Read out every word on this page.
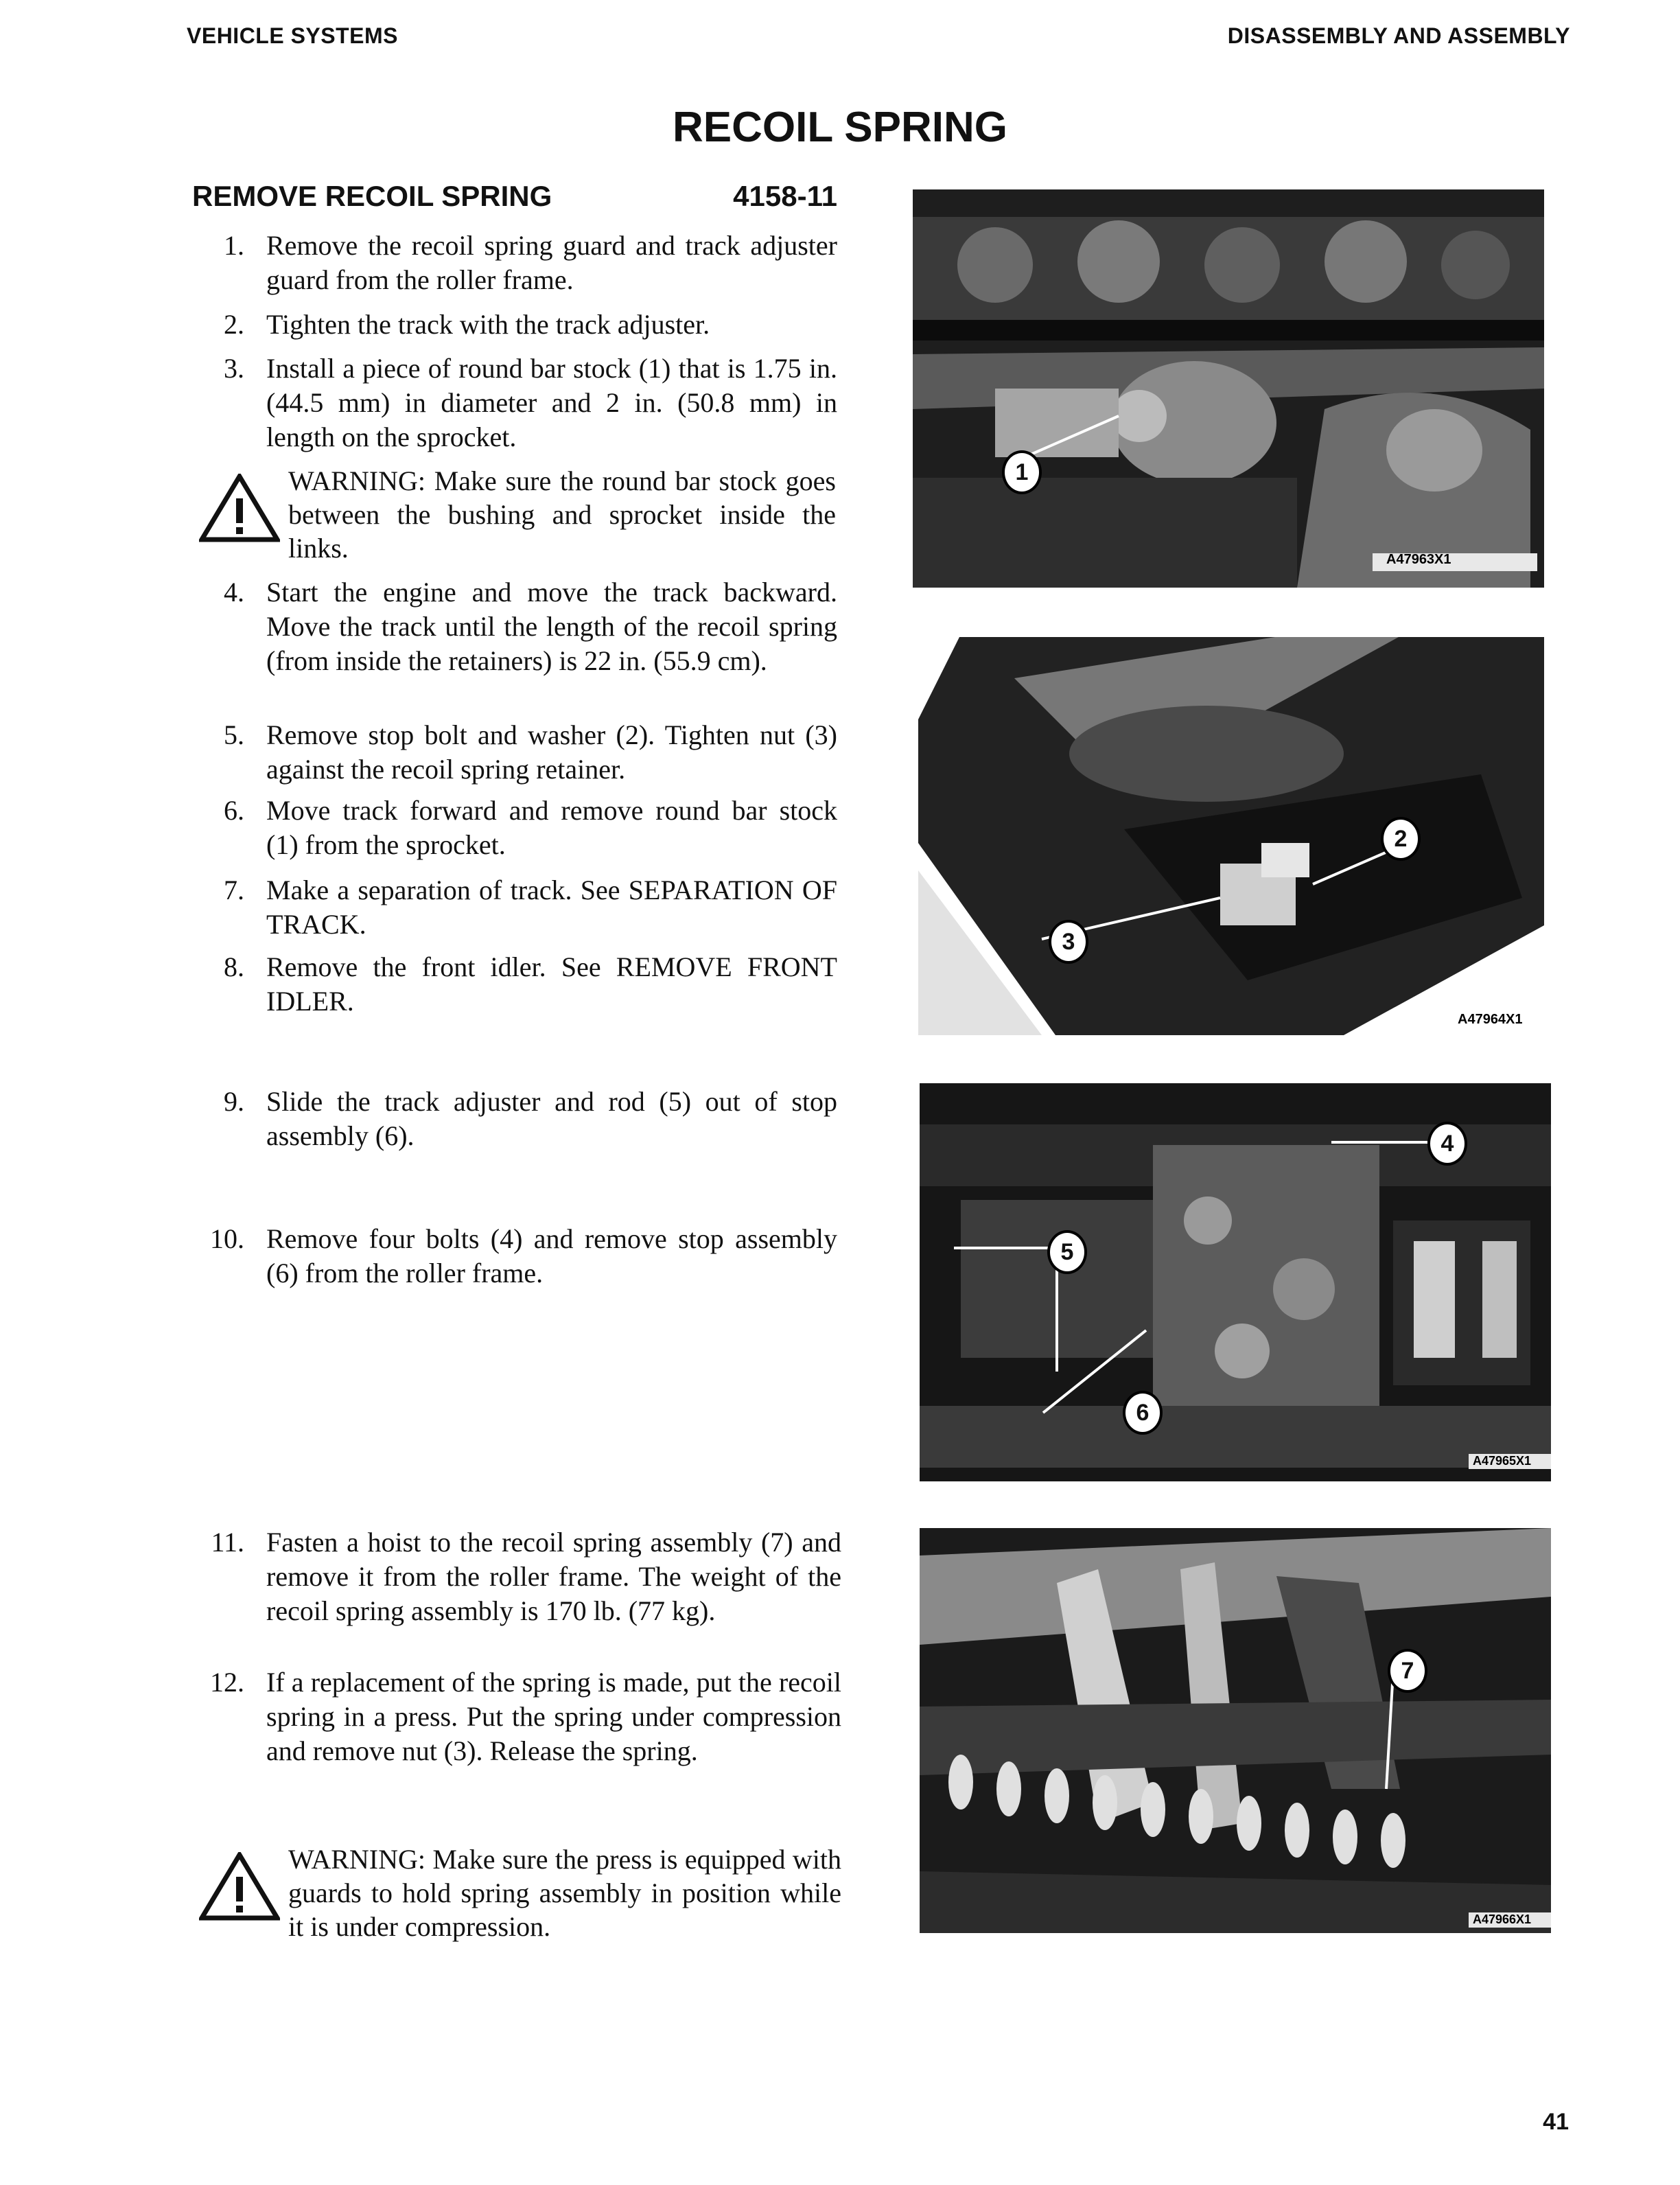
VEHICLE SYSTEMS	DISASSEMBLY AND ASSEMBLY
RECOIL SPRING
REMOVE RECOIL SPRING	4158-11
1. Remove the recoil spring guard and track adjuster guard from the roller frame.
2. Tighten the track with the track adjuster.
3. Install a piece of round bar stock (1) that is 1.75 in. (44.5 mm) in diameter and 2 in. (50.8 mm) in length on the sprocket.
WARNING: Make sure the round bar stock goes between the bushing and sprocket inside the links.
4. Start the engine and move the track backward. Move the track until the length of the recoil spring (from inside the retainers) is 22 in. (55.9 cm).
5. Remove stop bolt and washer (2). Tighten nut (3) against the recoil spring retainer.
6. Move track forward and remove round bar stock (1) from the sprocket.
7. Make a separation of track. See SEPARATION OF TRACK.
8. Remove the front idler. See REMOVE FRONT IDLER.
9. Slide the track adjuster and rod (5) out of stop assembly (6).
10. Remove four bolts (4) and remove stop assembly (6) from the roller frame.
11. Fasten a hoist to the recoil spring assembly (7) and remove it from the roller frame. The weight of the recoil spring assembly is 170 lb. (77 kg).
12. If a replacement of the spring is made, put the recoil spring in a press. Put the spring under compression and remove nut (3). Release the spring.
WARNING: Make sure the press is equipped with guards to hold spring assembly in position while it is under compression.
1
A47963X1
2
3
A47964X1
4
5
6
A47965X1
7
A47966X1
41
